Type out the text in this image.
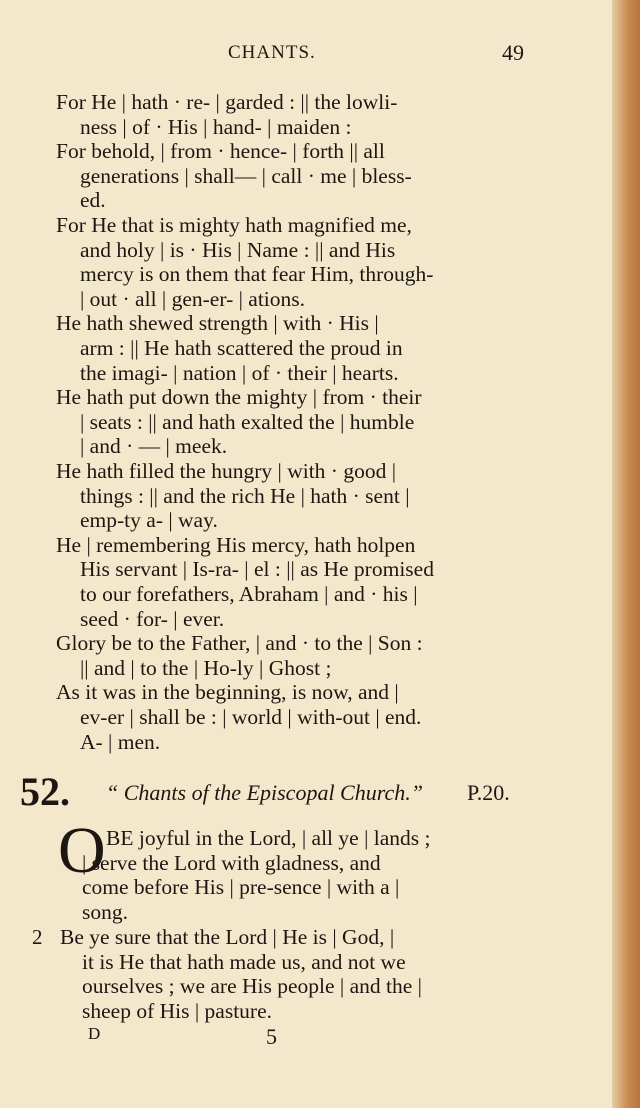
CHANTS.	49
For He | hath · re- | garded : || the lowli-
ness | of · His | hand- | maiden :
For behold, | from · hence- | forth || all
generations | shall— | call · me | bless-
ed.
For He that is mighty hath magnified me,
and holy | is · His | Name : || and His
mercy is on them that fear Him, through-
| out · all | gen-er- | ations.
He hath shewed strength | with · His |
arm : || He hath scattered the proud in
the imagi- | nation | of · their | hearts.
He hath put down the mighty | from · their
| seats : || and hath exalted the | humble
| and · — | meek.
He hath filled the hungry | with · good |
things : || and the rich He | hath · sent |
emp-ty a- | way.
He | remembering His mercy, hath holpen
His servant | Is-ra- | el : || as He promised
to our forefathers, Abraham | and · his |
seed · for- | ever.
Glory be to the Father, | and · to the | Son :
|| and | to the | Ho-ly | Ghost ;
As it was in the beginning, is now, and |
ev-er | shall be : | world | with-out | end.
A- | men.
52. “ Chants of the Episcopal Church.” P.20.
O BE joyful in the Lord, | all ye | lands ;
| serve the Lord with gladness, and
come before His | pre-sence | with a |
song.
2 Be ye sure that the Lord | He is | God, |
it is He that hath made us, and not we
ourselves ; we are His people | and the |
sheep of His | pasture.
D	5
